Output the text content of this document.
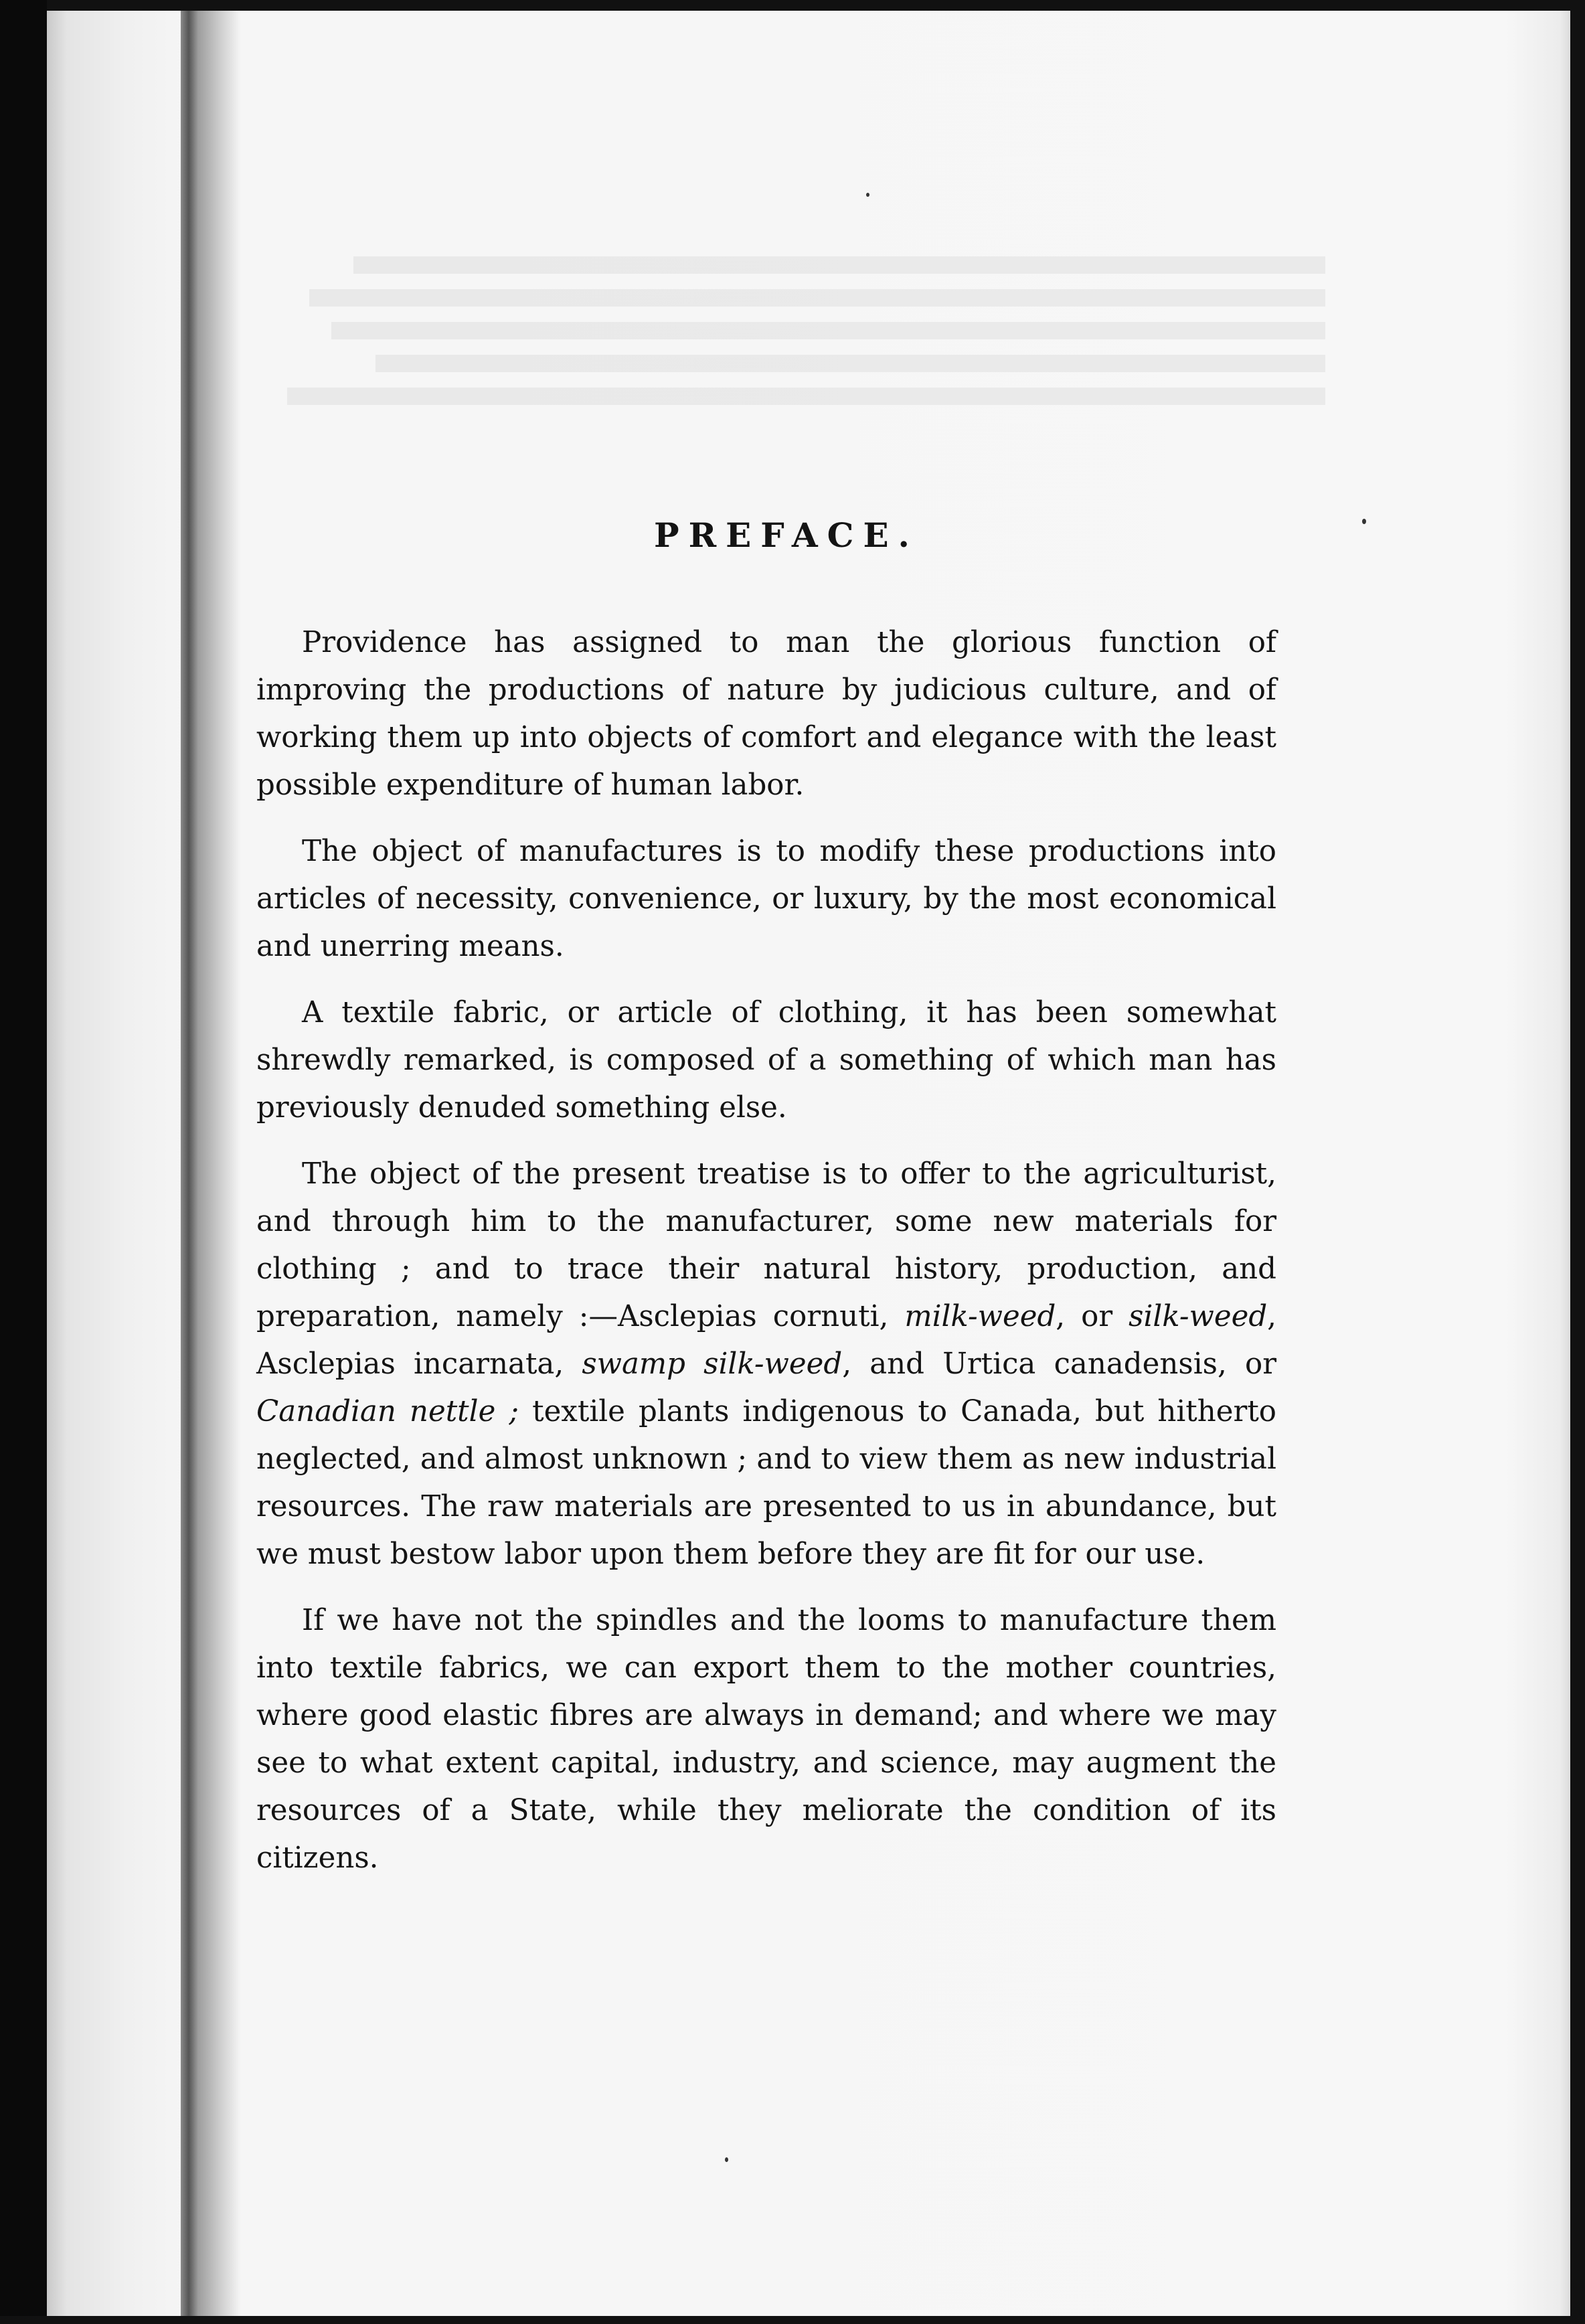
PREFACE.

Providence has assigned to man the glorious function of improving the productions of nature by judicious culture, and of working them up into objects of comfort and elegance with the least possible expenditure of human labor.

The object of manufactures is to modify these productions into articles of necessity, convenience, or luxury, by the most economical and unerring means.

A textile fabric, or article of clothing, it has been somewhat shrewdly remarked, is composed of a something of which man has previously denuded something else.

The object of the present treatise is to offer to the agriculturist, and through him to the manufacturer, some new materials for clothing ; and to trace their natural history, production, and preparation, namely :—Asclepias cornuti, milk-weed, or silk-weed, Asclepias incarnata, swamp silk-weed, and Urtica canadensis, or Canadian nettle ; textile plants indigenous to Canada, but hitherto neglected, and almost unknown ; and to view them as new industrial resources. The raw materials are presented to us in abundance, but we must bestow labor upon them before they are fit for our use.

If we have not the spindles and the looms to manufacture them into textile fabrics, we can export them to the mother countries, where good elastic fibres are always in demand; and where we may see to what extent capital, industry, and science, may augment the resources of a State, while they meliorate the condition of its citizens.
